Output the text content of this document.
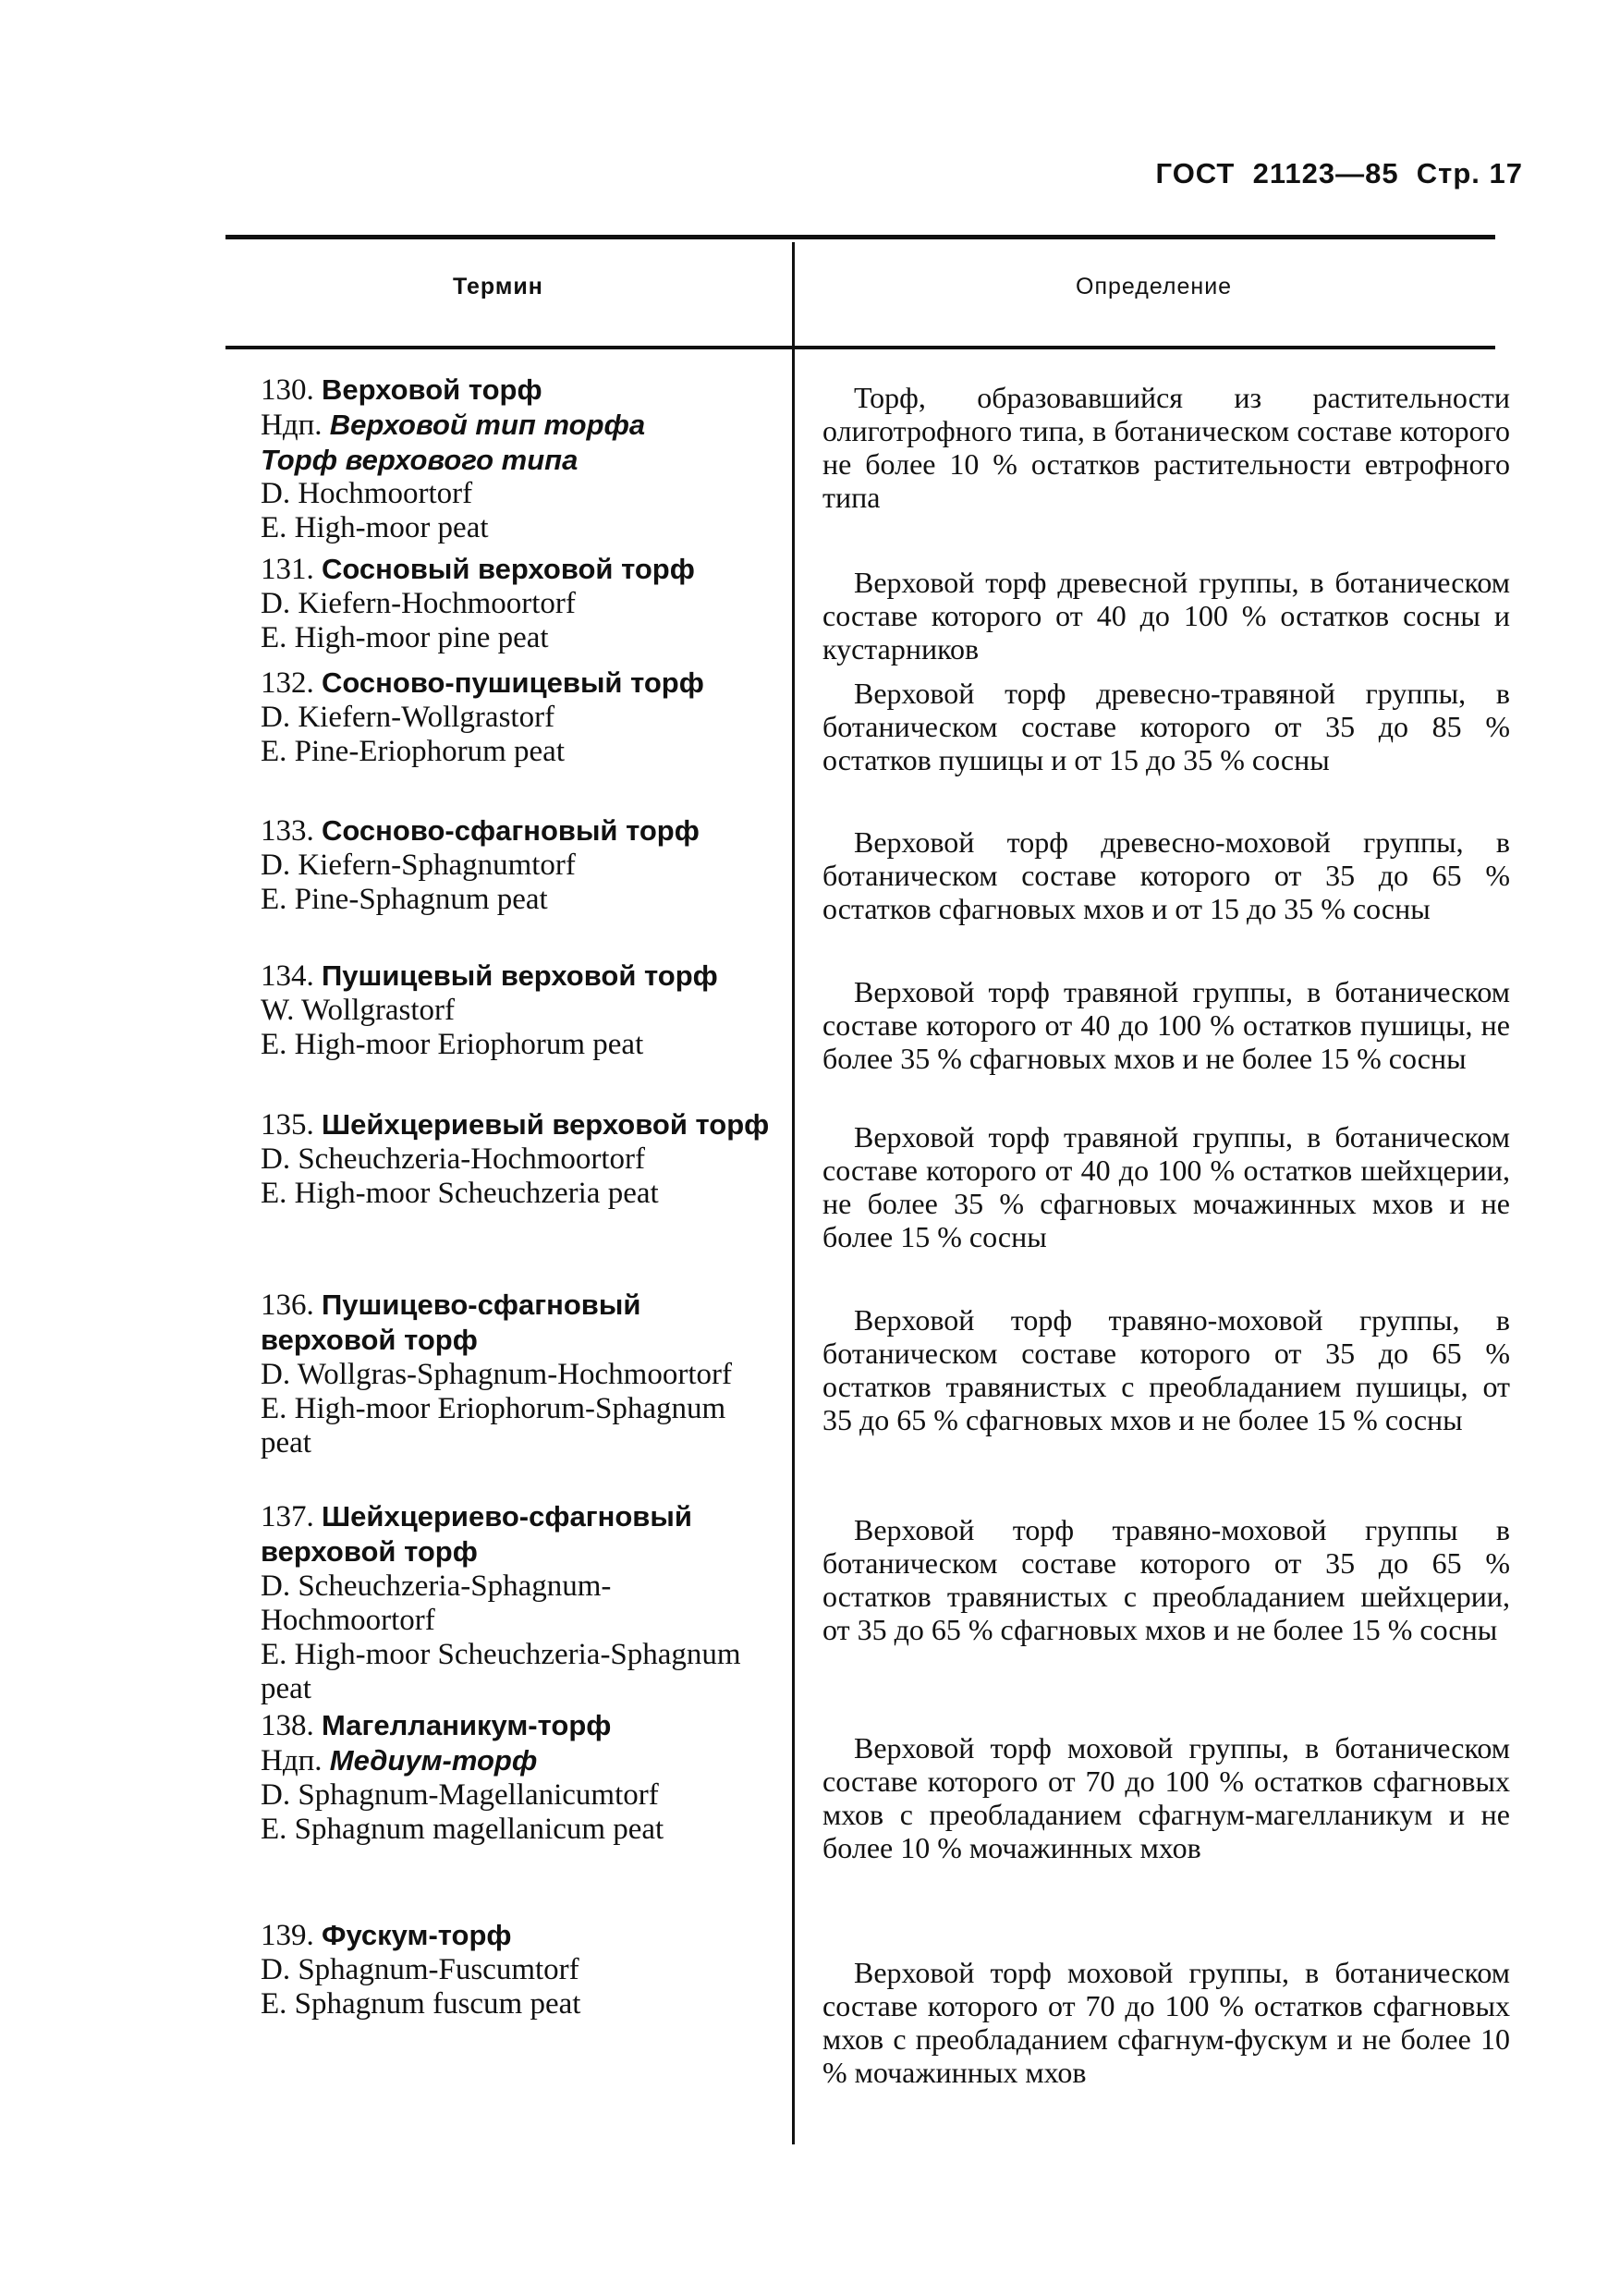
ГОСТ  21123—85  Стр. 17
Термин	Определение
130. Верховой торф
Ндп. Верховой тип торфа
Торф верхового типа
D. Hochmoortorf
E. High-moor peat
Торф, образовавшийся из растительности олиготрофного типа, в ботаническом составе которого не более 10 % остатков растительности евтрофного типа
131. Сосновый верховой торф
D. Kiefern-Hochmoortorf
E. High-moor pine peat
Верховой торф древесной группы, в ботаническом составе которого от 40 до 100 % остатков сосны и кустарников
132. Сосново-пушицевый торф
D. Kiefern-Wollgrastorf
E. Pine-Eriophorum peat
Верховой торф древесно-травяной группы, в ботаническом составе которого от 35 до 85 % остатков пушицы и от 15 до 35 % сосны
133. Сосново-сфагновый торф
D. Kiefern-Sphagnumtorf
E. Pine-Sphagnum peat
Верховой торф древесно-моховой группы, в ботаническом составе которого от 35 до 65 % остатков сфагновых мхов и от 15 до 35 % сосны
134. Пушицевый верховой торф
W. Wollgrastorf
E. High-moor Eriophorum peat
Верховой торф травяной группы, в ботаническом составе которого от 40 до 100 % остатков пушицы, не более 35 % сфагновых мхов и не более 15 % сосны
135. Шейхцериевый верховой торф
D. Scheuchzeria-Hochmoortorf
E. High-moor Scheuchzeria peat
Верховой торф травяной группы, в ботаническом составе которого от 40 до 100 % остатков шейхцерии, не более 35 % сфагновых мочажинных мхов и не более 15 % сосны
136. Пушицево-сфагновый верховой торф
D. Wollgras-Sphagnum-Hochmoortorf
E. High-moor Eriophorum-Sphagnum peat
Верховой торф травяно-моховой группы, в ботаническом составе которого от 35 до 65 % остатков травянистых с преобладанием пушицы, от 35 до 65 % сфагновых мхов и не более 15 % сосны
137. Шейхцериево-сфагновый верховой торф
D. Scheuchzeria-Sphagnum-Hochmoortorf
E. High-moor Scheuchzeria-Sphagnum peat
Верховой торф травяно-моховой группы в ботаническом составе которого от 35 до 65 % остатков травянистых с преобладанием шейхцерии, от 35 до 65 % сфагновых мхов и не более 15 % сосны
138. Магелланикум-торф
Ндп. Медиум-торф
D. Sphagnum-Magellanicumtorf
E. Sphagnum magellanicum peat
Верховой торф моховой группы, в ботаническом составе которого от 70 до 100 % остатков сфагновых мхов с преобладанием сфагнум-магелланикум и не более 10 % мочажинных мхов
139. Фускум-торф
D. Sphagnum-Fuscumtorf
E. Sphagnum fuscum peat
Верховой торф моховой группы, в ботаническом составе которого от 70 до 100 % остатков сфагновых мхов с преобладанием сфагнум-фускум и не более 10 % мочажинных мхов
